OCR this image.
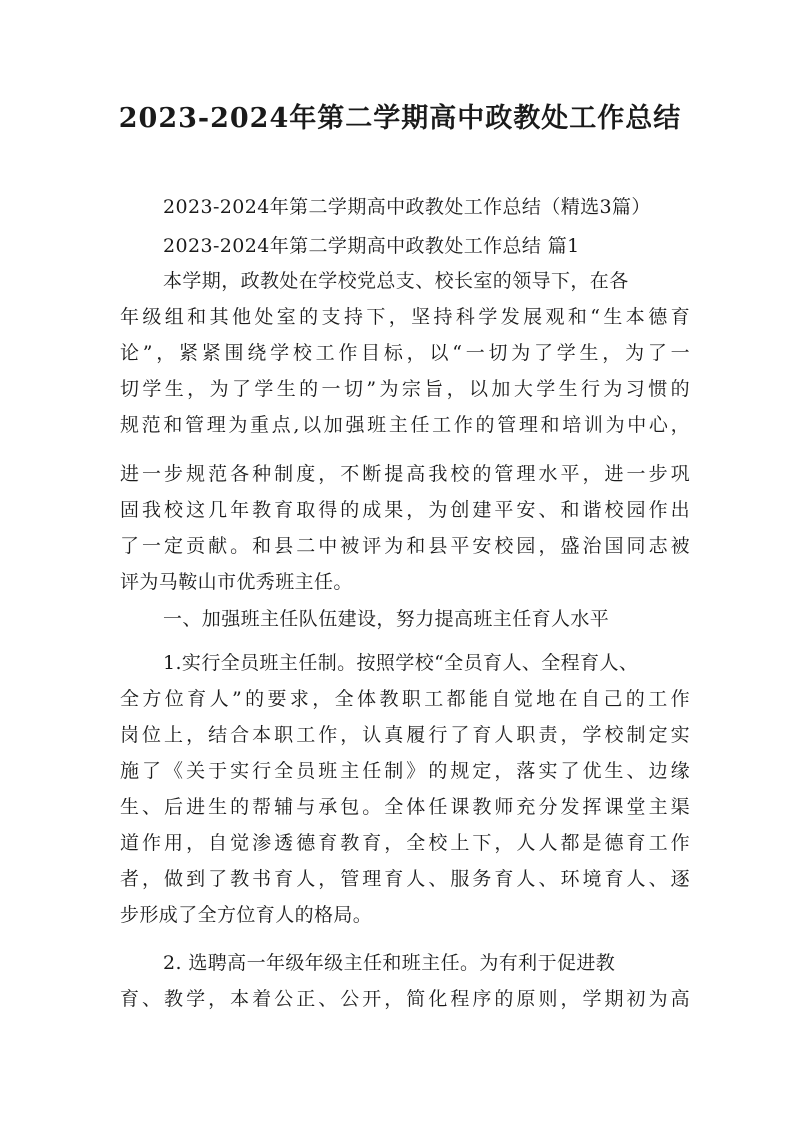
2023-2024年第二学期高中政教处工作总结
2023-2024年第二学期高中政教处工作总结（精选3篇）
2023-2024年第二学期高中政教处工作总结 篇1
本学期，政教处在学校党总支、校长室的领导下，在各
年级组和其他处室的支持下，坚持科学发展观和“生本德育
论”，紧紧围绕学校工作目标，以“一切为了学生，为了一
切学生，为了学生的一切”为宗旨，以加大学生行为习惯的
规范和管理为重点,以加强班主任工作的管理和培训为中心，
进一步规范各种制度，不断提高我校的管理水平，进一步巩
固我校这几年教育取得的成果，为创建平安、和谐校园作出
了一定贡献。和县二中被评为和县平安校园，盛治国同志被
评为马鞍山市优秀班主任。
一、加强班主任队伍建设，努力提高班主任育人水平
1.实行全员班主任制。按照学校“全员育人、全程育人、
全方位育人”的要求，全体教职工都能自觉地在自己的工作
岗位上，结合本职工作，认真履行了育人职责，学校制定实
施了《关于实行全员班主任制》的规定，落实了优生、边缘
生、后进生的帮辅与承包。全体任课教师充分发挥课堂主渠
道作用，自觉渗透德育教育，全校上下，人人都是德育工作
者，做到了教书育人，管理育人、服务育人、环境育人、逐
步形成了全方位育人的格局。
2. 选聘高一年级年级主任和班主任。为有利于促进教
育、教学，本着公正、公开，简化程序的原则，学期初为高
